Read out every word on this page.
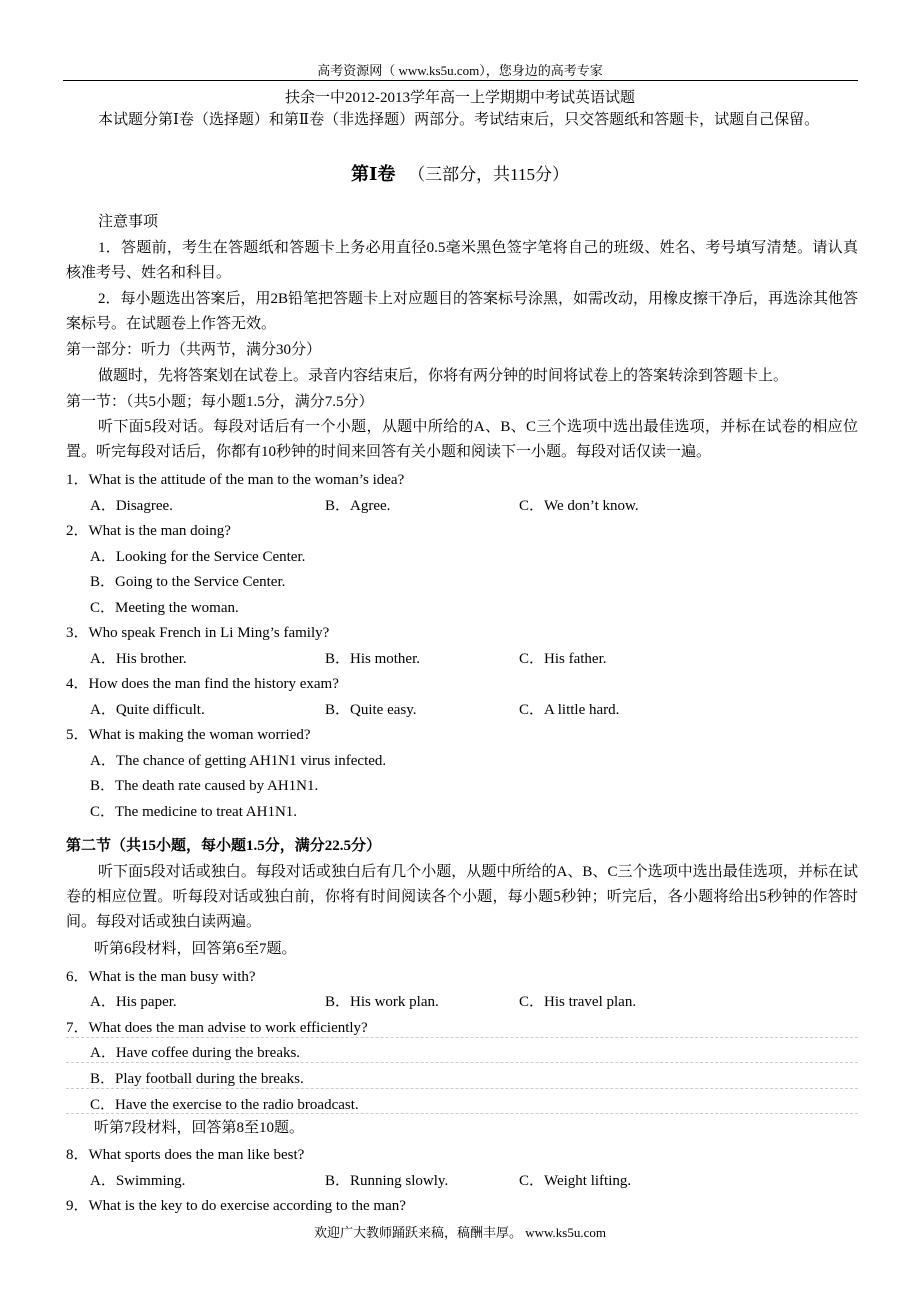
高考资源网（ www.ks5u.com），您身边的高考专家
扶余一中2012-2013学年高一上学期期中考试英语试题
本试题分第Ⅰ卷（选择题）和第Ⅱ卷（非选择题）两部分。考试结束后，只交答题纸和答题卡，试题自己保留。
第Ⅰ卷 （三部分，共115分）
注意事项
1．答题前，考生在答题纸和答题卡上务必用直径0.5毫米黑色签字笔将自己的班级、姓名、考号填写清楚。请认真核准考号、姓名和科目。
2．每小题选出答案后，用2B铅笔把答题卡上对应题目的答案标号涂黑，如需改动，用橡皮擦干净后，再选涂其他答案标号。在试题卷上作答无效。
第一部分：听力（共两节，满分30分）
做题时，先将答案划在试卷上。录音内容结束后，你将有两分钟的时间将试卷上的答案转涂到答题卡上。
第一节：（共5小题；每小题1.5分，满分7.5分）
听下面5段对话。每段对话后有一个小题，从题中所给的A、B、C三个选项中选出最佳选项，并标在试卷的相应位置。听完每段对话后，你都有10秒钟的时间来回答有关小题和阅读下一小题。每段对话仅读一遍。
1．What is the attitude of the man to the woman’s idea?
A．Disagree.	B．Agree.	C．We don’t know.
2．What is the man doing?
A．Looking for the Service Center.
B．Going to the Service Center.
C．Meeting the woman.
3．Who speak French in Li Ming’s family?
A．His brother.	B．His mother.	C．His father.
4．How does the man find the history exam?
A．Quite difficult.	B．Quite easy.	C．A little hard.
5．What is making the woman worried?
A．The chance of getting AH1N1 virus infected.
B．The death rate caused by AH1N1.
C．The medicine to treat AH1N1.
第二节（共15小题，每小题1.5分，满分22.5分）
听下面5段对话或独白。每段对话或独白后有几个小题，从题中所给的A、B、C三个选项中选出最佳选项，并标在试卷的相应位置。听每段对话或独白前，你将有时间阅读各个小题，每小题5秒钟；听完后，各小题将给出5秒钟的作答时间。每段对话或独白读两遍。
听第6段材料，回答第6至7题。
6．What is the man busy with?
A．His paper.	B．His work plan.	C．His travel plan.
7．What does the man advise to work efficiently?
A．Have coffee during the breaks.
B．Play football during the breaks.
C．Have the exercise to the radio broadcast.
听第7段材料，回答第8至10题。
8．What sports does the man like best?
A．Swimming.	B．Running slowly.	C．Weight lifting.
9．What is the key to do exercise according to the man?
欢迎广大教师踊跃来稿，稿酬丰厚。 www.ks5u.com
